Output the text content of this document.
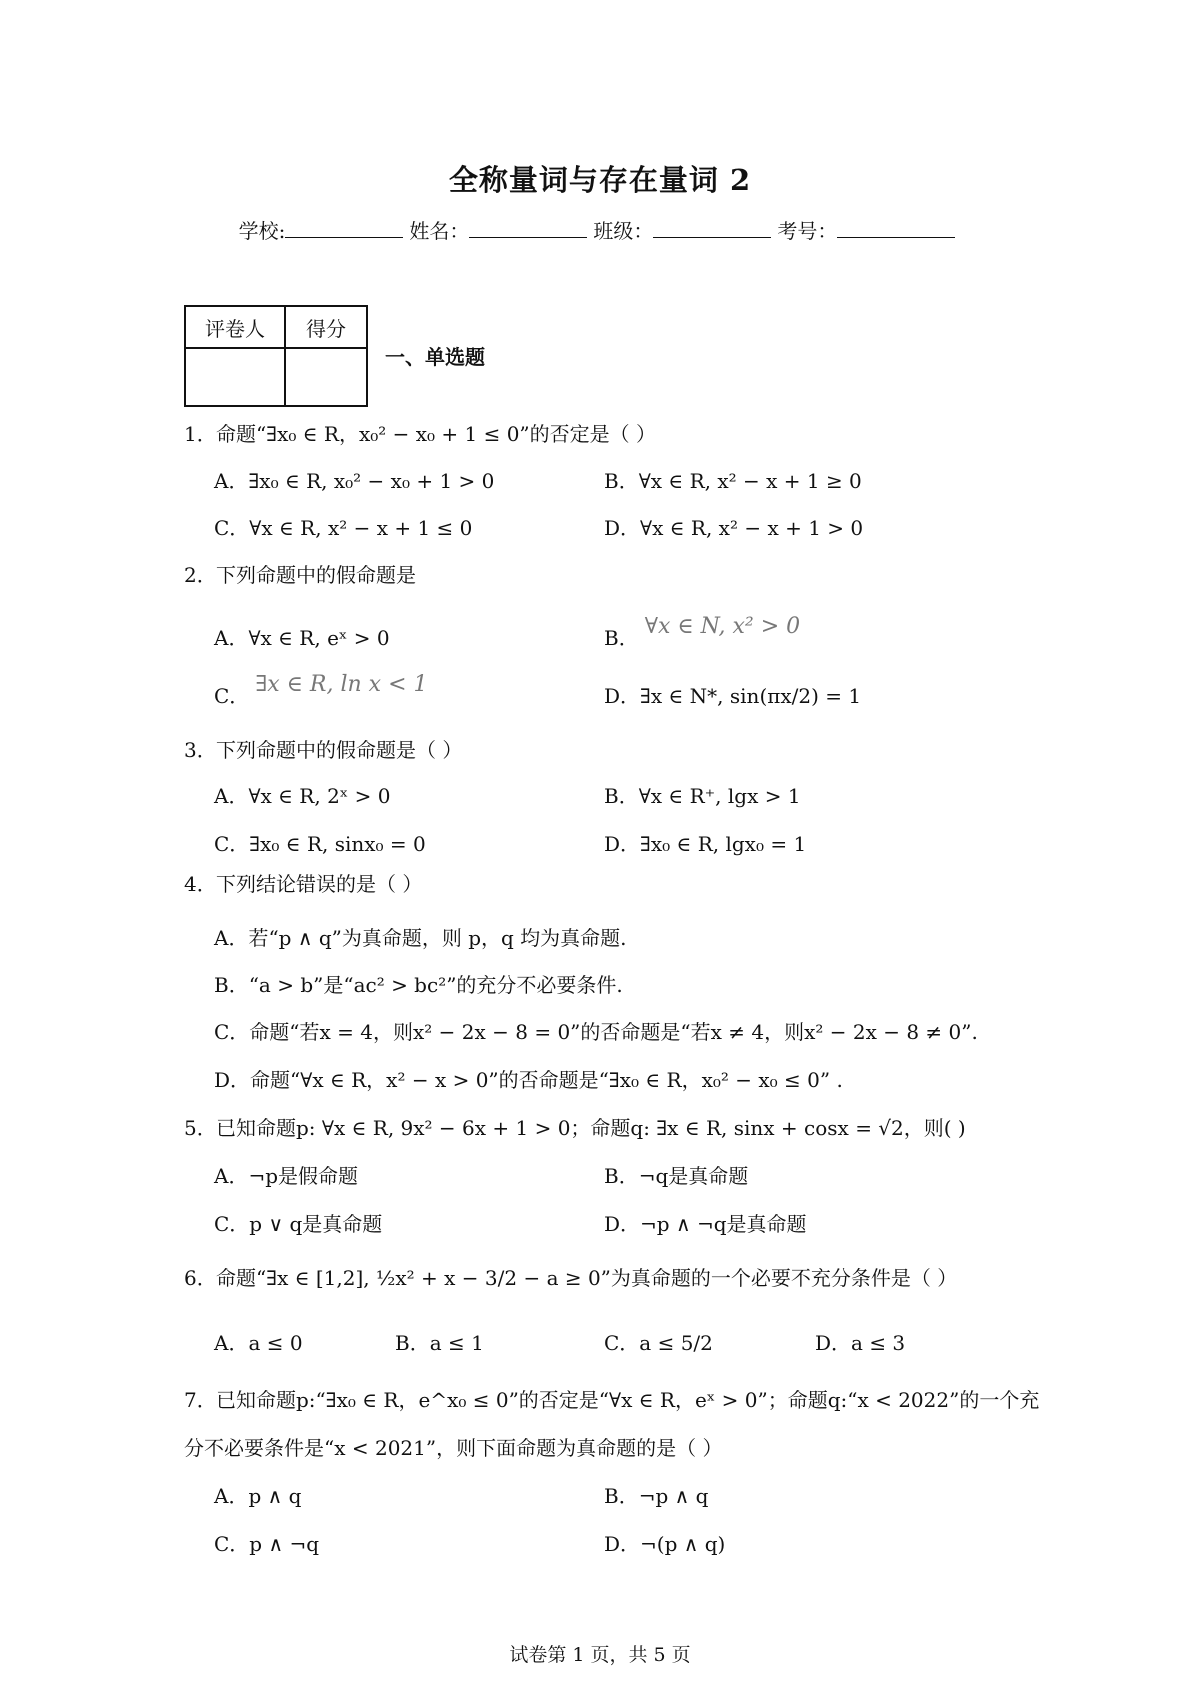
全称量词与存在量词 2
学校:	姓名：	班级：	考号：
评卷人	得分

一、单选题
1．命题“∃x₀ ∈ R，x₀² − x₀ + 1 ≤ 0”的否定是（ ）
A．∃x₀ ∈ R, x₀² − x₀ + 1 > 0	B．∀x ∈ R, x² − x + 1 ≥ 0
C．∀x ∈ R, x² − x + 1 ≤ 0	D．∀x ∈ R, x² − x + 1 > 0
2．下列命题中的假命题是
A．∀x ∈ R, eˣ > 0	B． ∀x ∈ N, x² > 0
C． ∃x ∈ R, ln x < 1	D．∃x ∈ N*, sin(πx/2) = 1
3．下列命题中的假命题是（ ）
A．∀x ∈ R, 2ˣ > 0	B．∀x ∈ R⁺, lgx > 1
C．∃x₀ ∈ R, sinx₀ = 0	D．∃x₀ ∈ R, lgx₀ = 1
4．下列结论错误的是（ ）
A．若“p ∧ q”为真命题，则 p，q 均为真命题.
B．“a > b”是“ac² > bc²”的充分不必要条件.
C．命题“若x = 4，则x² − 2x − 8 = 0”的否命题是“若x ≠ 4，则x² − 2x − 8 ≠ 0”.
D．命题“∀x ∈ R，x² − x > 0”的否命题是“∃x₀ ∈ R，x₀² − x₀ ≤ 0” .
5．已知命题p: ∀x ∈ R, 9x² − 6x + 1 > 0；命题q: ∃x ∈ R, sinx + cosx = √2，则( )
A．¬p是假命题	B．¬q是真命题
C．p ∨ q是真命题	D．¬p ∧ ¬q是真命题
6．命题“∃x ∈ [1,2], ½x² + x − 3/2 − a ≥ 0”为真命题的一个必要不充分条件是（ ）
A．a ≤ 0	B．a ≤ 1	C．a ≤ 5/2	D．a ≤ 3
7．已知命题p:“∃x₀ ∈ R，e^x₀ ≤ 0”的否定是“∀x ∈ R，eˣ > 0”；命题q:“x < 2022”的一个充
分不必要条件是“x < 2021”，则下面命题为真命题的是（ ）
A．p ∧ q	B．¬p ∧ q
C．p ∧ ¬q	D．¬(p ∧ q)
试卷第 1 页，共 5 页
